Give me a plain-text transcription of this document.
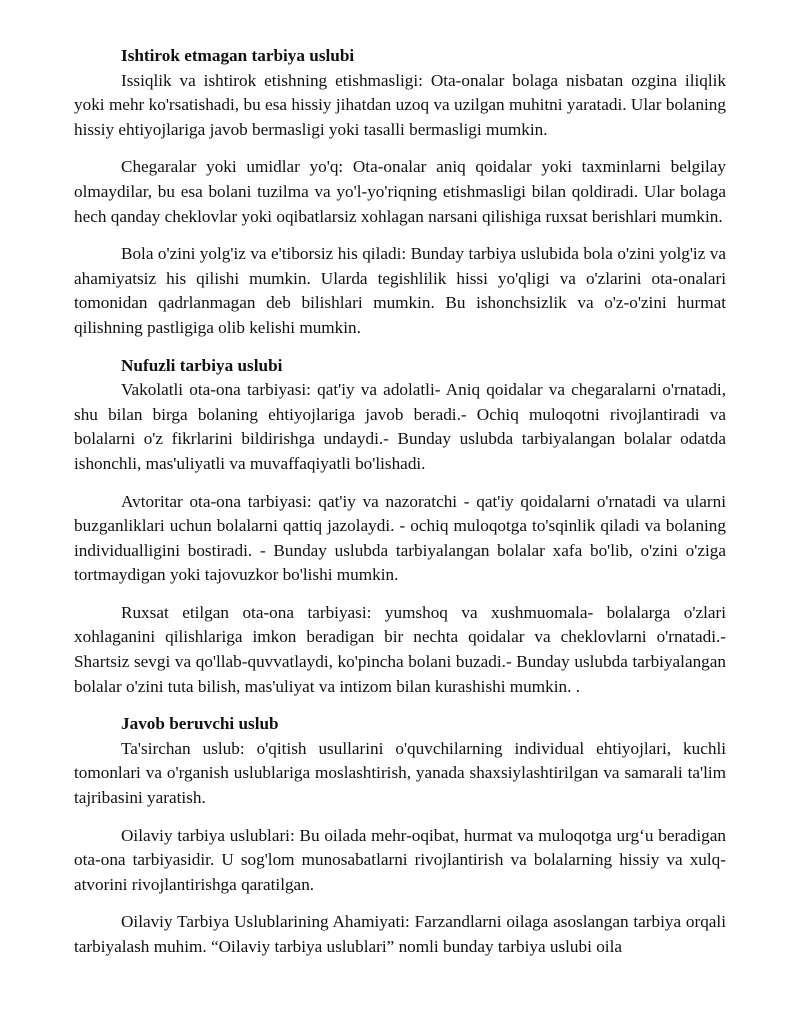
Ishtirok etmagan tarbiya uslubi

Issiqlik va ishtirok etishning etishmasligi: Ota-onalar bolaga nisbatan ozgina iliqlik yoki mehr ko'rsatishadi, bu esa hissiy jihatdan uzoq va uzilgan muhitni yaratadi. Ular bolaning hissiy ehtiyojlariga javob bermasligi yoki tasalli bermasligi mumkin.

Chegaralar yoki umidlar yo'q: Ota-onalar aniq qoidalar yoki taxminlarni belgilay olmaydilar, bu esa bolani tuzilma va yo'l-yo'riqning etishmasligi bilan qoldiradi. Ular bolaga hech qanday cheklovlar yoki oqibatlarsiz xohlagan narsani qilishiga ruxsat berishlari mumkin.

Bola o'zini yolg'iz va e'tiborsiz his qiladi: Bunday tarbiya uslubida bola o'zini yolg'iz va ahamiyatsiz his qilishi mumkin. Ularda tegishlilik hissi yo'qligi va o'zlarini ota-onalari tomonidan qadrlanmagan deb bilishlari mumkin. Bu ishonchsizlik va o'z-o'zini hurmat qilishning pastligiga olib kelishi mumkin.

Nufuzli tarbiya uslubi

Vakolatli ota-ona tarbiyasi: qat'iy va adolatli- Aniq qoidalar va chegaralarni o'rnatadi, shu bilan birga bolaning ehtiyojlariga javob beradi.- Ochiq muloqotni rivojlantiradi va bolalarni o'z fikrlarini bildirishga undaydi.- Bunday uslubda tarbiyalangan bolalar odatda ishonchli, mas'uliyatli va muvaffaqiyatli bo'lishadi.

Avtoritar ota-ona tarbiyasi: qat'iy va nazoratchi - qat'iy qoidalarni o'rnatadi va ularni buzganliklari uchun bolalarni qattiq jazolaydi. - ochiq muloqotga to'sqinlik qiladi va bolaning individualligini bostiradi. - Bunday uslubda tarbiyalangan bolalar xafa bo'lib, o'zini o'ziga tortmaydigan yoki tajovuzkor bo'lishi mumkin.

Ruxsat etilgan ota-ona tarbiyasi: yumshoq va xushmuomala- bolalarga o'zlari xohlaganini qilishlariga imkon beradigan bir nechta qoidalar va cheklovlarni o'rnatadi.- Shartsiz sevgi va qo'llab-quvvatlaydi, ko'pincha bolani buzadi.- Bunday uslubda tarbiyalangan bolalar o'zini tuta bilish, mas'uliyat va intizom bilan kurashishi mumkin. .

Javob beruvchi uslub

Ta'sirchan uslub: o'qitish usullarini o'quvchilarning individual ehtiyojlari, kuchli tomonlari va o'rganish uslublariga moslashtirish, yanada shaxsiylashtirilgan va samarali ta'lim tajribasini yaratish.

Oilaviy tarbiya uslublari: Bu oilada mehr-oqibat, hurmat va muloqotga urg‘u beradigan ota-ona tarbiyasidir. U sog'lom munosabatlarni rivojlantirish va bolalarning hissiy va xulq-atvorini rivojlantirishga qaratilgan.

Oilaviy Tarbiya Uslublarining Ahamiyati: Farzandlarni oilaga asoslangan tarbiya orqali tarbiyalash muhim. “Oilaviy tarbiya uslublari” nomli bunday tarbiya uslubi oila
